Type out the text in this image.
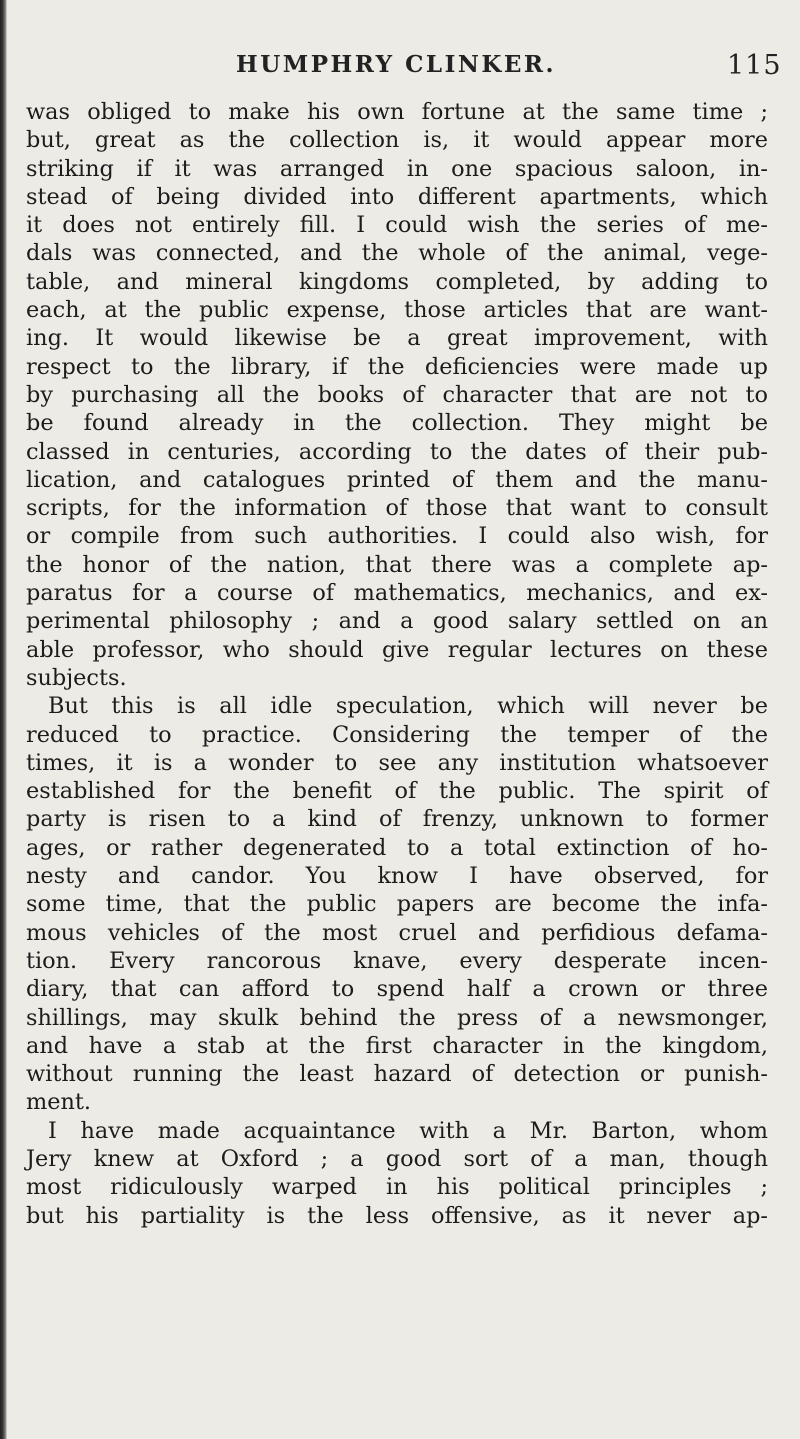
HUMPHRY CLINKER.	115
was obliged to make his own fortune at the same time ;
but, great as the collection is, it would appear more
striking if it was arranged in one spacious saloon, in-
stead of being divided into different apartments, which
it does not entirely fill. I could wish the series of me-
dals was connected, and the whole of the animal, vege-
table, and mineral kingdoms completed, by adding to
each, at the public expense, those articles that are want-
ing. It would likewise be a great improvement, with
respect to the library, if the deficiencies were made up
by purchasing all the books of character that are not to
be found already in the collection. They might be
classed in centuries, according to the dates of their pub-
lication, and catalogues printed of them and the manu-
scripts, for the information of those that want to consult
or compile from such authorities. I could also wish, for
the honor of the nation, that there was a complete ap-
paratus for a course of mathematics, mechanics, and ex-
perimental philosophy ; and a good salary settled on an
able professor, who should give regular lectures on these
subjects.
But this is all idle speculation, which will never be
reduced to practice. Considering the temper of the
times, it is a wonder to see any institution whatsoever
established for the benefit of the public. The spirit of
party is risen to a kind of frenzy, unknown to former
ages, or rather degenerated to a total extinction of ho-
nesty and candor. You know I have observed, for
some time, that the public papers are become the infa-
mous vehicles of the most cruel and perfidious defama-
tion. Every rancorous knave, every desperate incen-
diary, that can afford to spend half a crown or three
shillings, may skulk behind the press of a newsmonger,
and have a stab at the first character in the kingdom,
without running the least hazard of detection or punish-
ment.
I have made acquaintance with a Mr. Barton, whom
Jery knew at Oxford ; a good sort of a man, though
most ridiculously warped in his political principles ;
but his partiality is the less offensive, as it never ap-
